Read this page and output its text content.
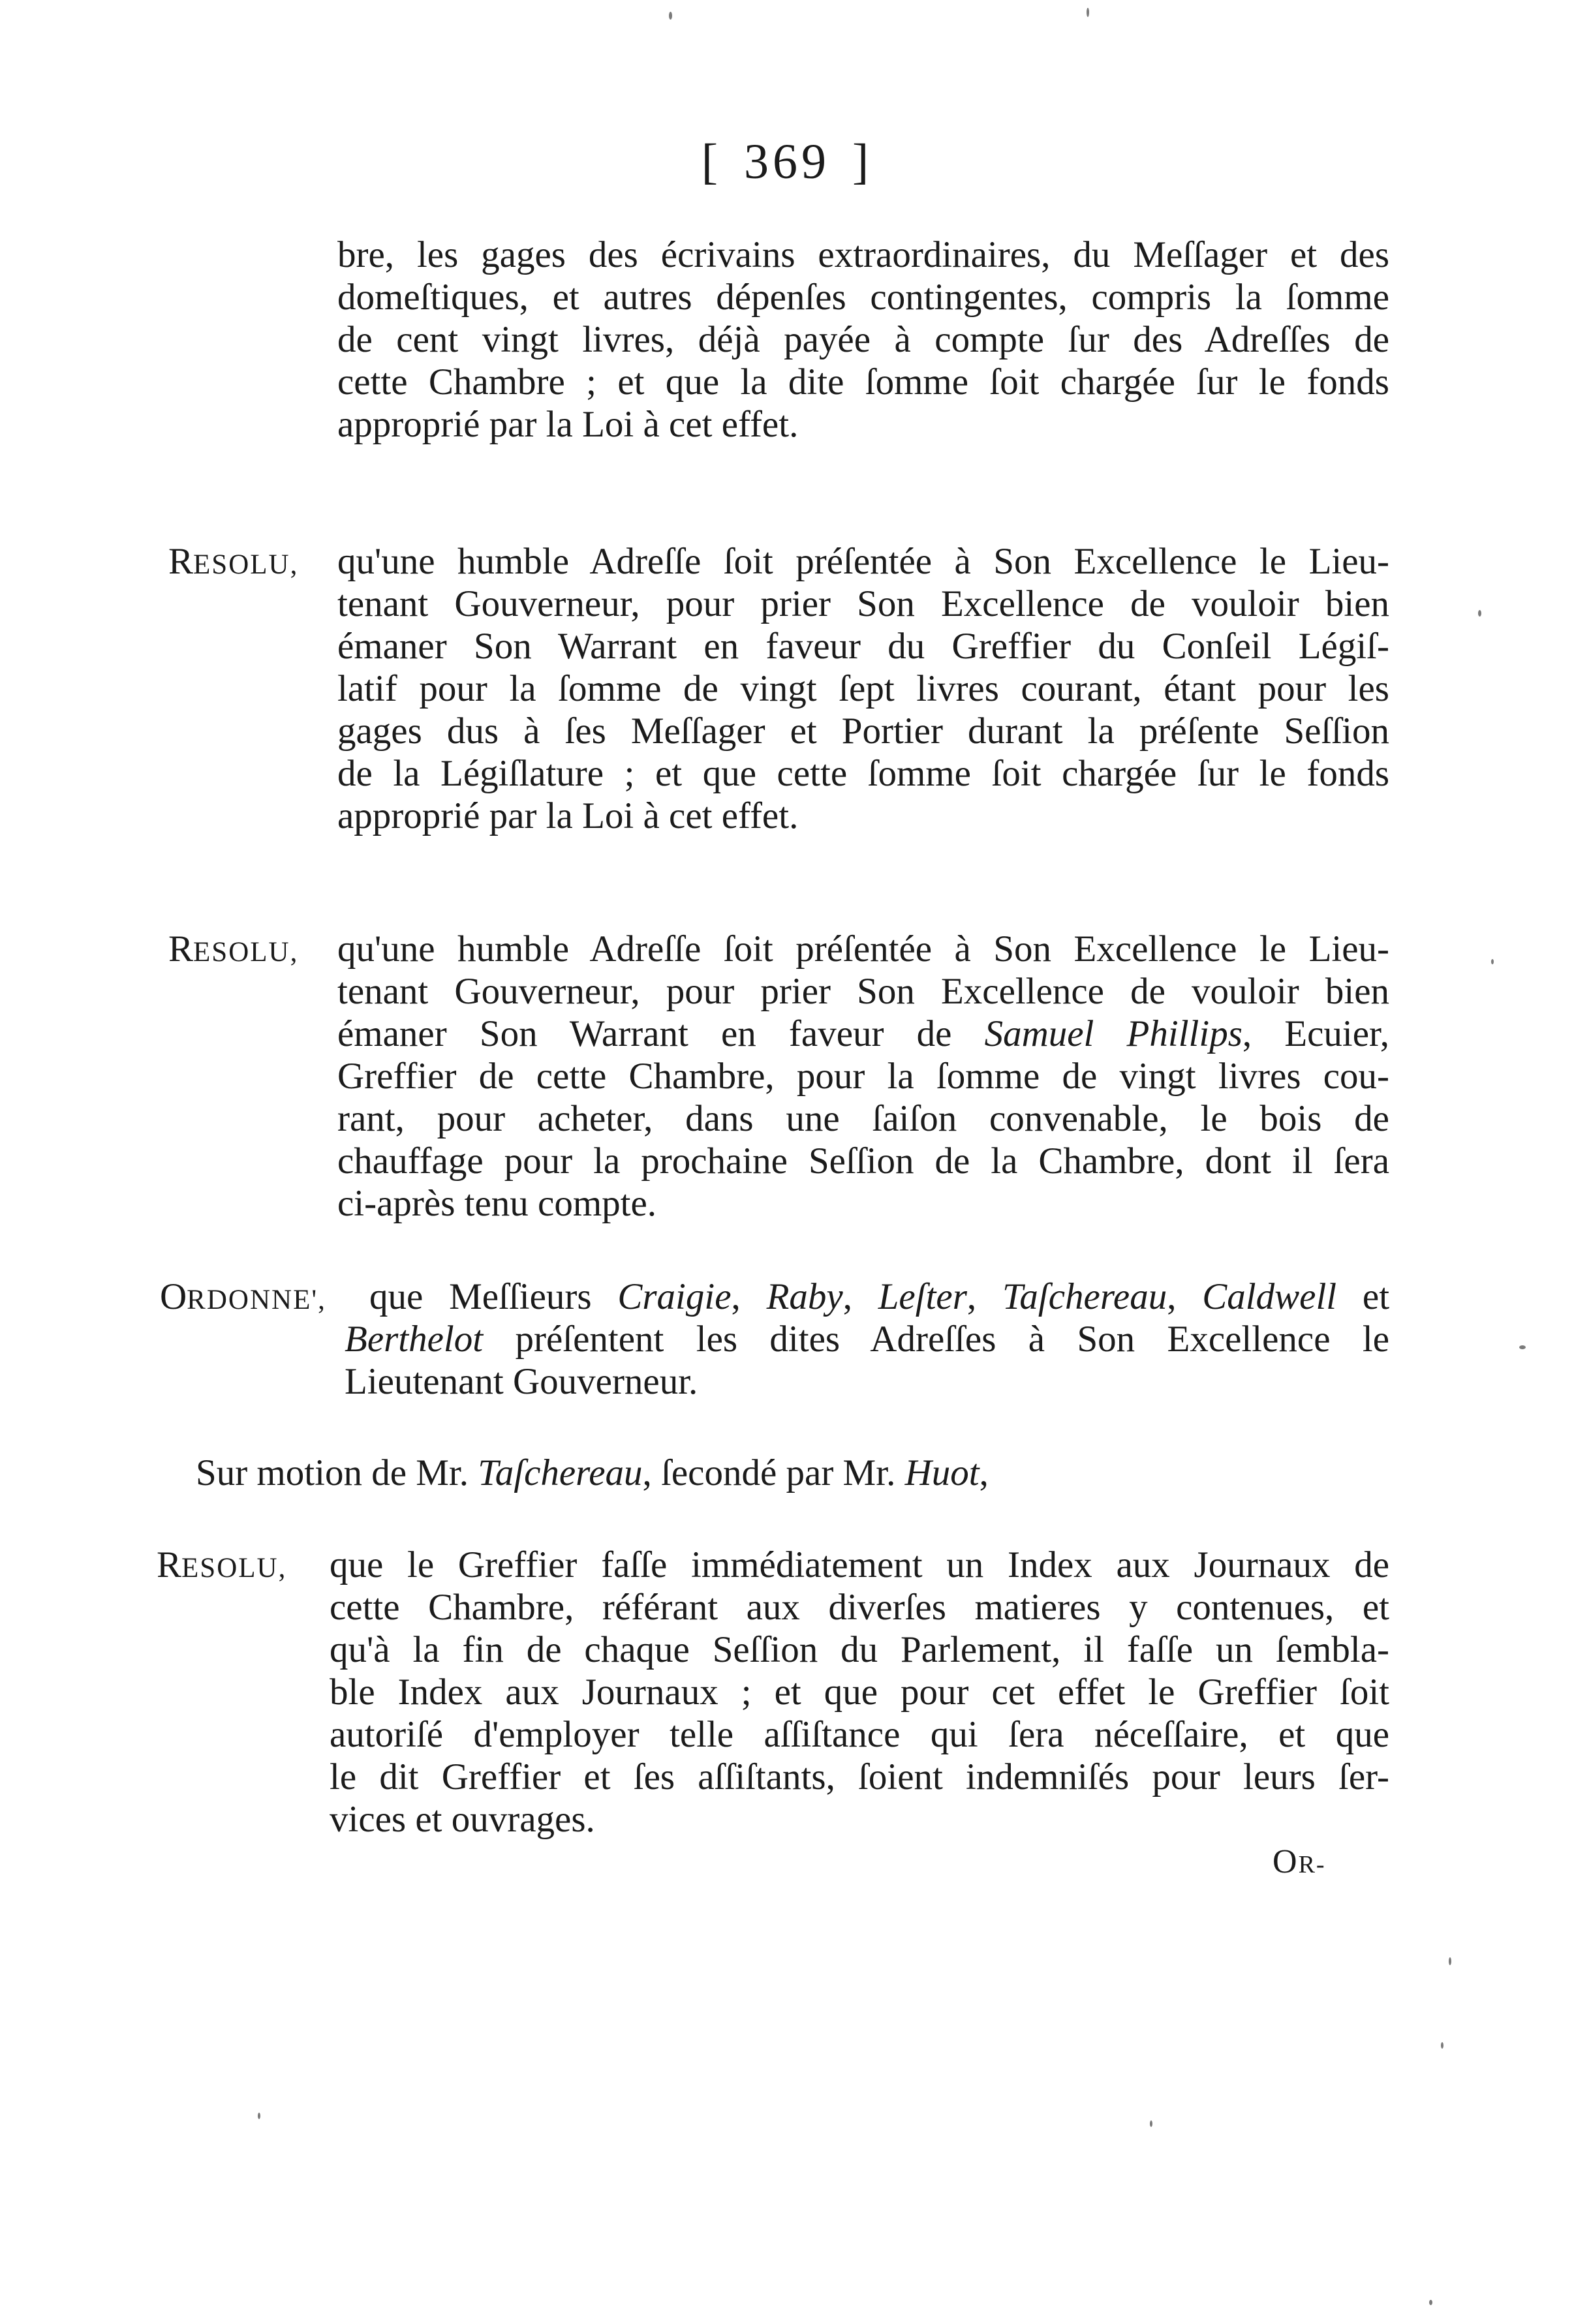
[ 369 ]
bre, les gages des écrivains extraordinaires, du Meſſager et des
domeſtiques, et autres dépenſes contingentes, compris la ſomme
de cent vingt livres, déjà payée à compte ſur des Adreſſes de
cette Chambre ; et que la dite ſomme ſoit chargée ſur le fonds
approprié par la Loi à cet effet.
RESOLU, qu'une humble Adreſſe ſoit préſentée à Son Excellence le Lieu-
tenant Gouverneur, pour prier Son Excellence de vouloir bien
émaner Son Warrant en faveur du Greffier du Conſeil Légiſ-
latif pour la ſomme de vingt ſept livres courant, étant pour les
gages dus à ſes Meſſager et Portier durant la préſente Seſſion
de la Légiſlature ; et que cette ſomme ſoit chargée ſur le fonds
approprié par la Loi à cet effet.
RESOLU, qu'une humble Adreſſe ſoit préſentée à Son Excellence le Lieu-
tenant Gouverneur, pour prier Son Excellence de vouloir bien
émaner Son Warrant en faveur de Samuel Phillips, Ecuier,
Greffier de cette Chambre, pour la ſomme de vingt livres cou-
rant, pour acheter, dans une ſaiſon convenable, le bois de
chauffage pour la prochaine Seſſion de la Chambre, dont il ſera
ci-après tenu compte.
ORDONNE', que Meſſieurs Craigie, Raby, Leſter, Taſchereau, Caldwell et
Berthelot préſentent les dites Adreſſes à Son Excellence le
Lieutenant Gouverneur.
Sur motion de Mr. Taſchereau, ſecondé par Mr. Huot,
RESOLU, que le Greffier faſſe immédiatement un Index aux Journaux de
cette Chambre, référant aux diverſes matieres y contenues, et
qu'à la fin de chaque Seſſion du Parlement, il faſſe un ſembla-
ble Index aux Journaux ; et que pour cet effet le Greffier ſoit
autoriſé d'employer telle aſſiſtance qui ſera néceſſaire, et que
le dit Greffier et ſes aſſiſtants, ſoient indemniſés pour leurs ſer-
vices et ouvrages.
OR-
